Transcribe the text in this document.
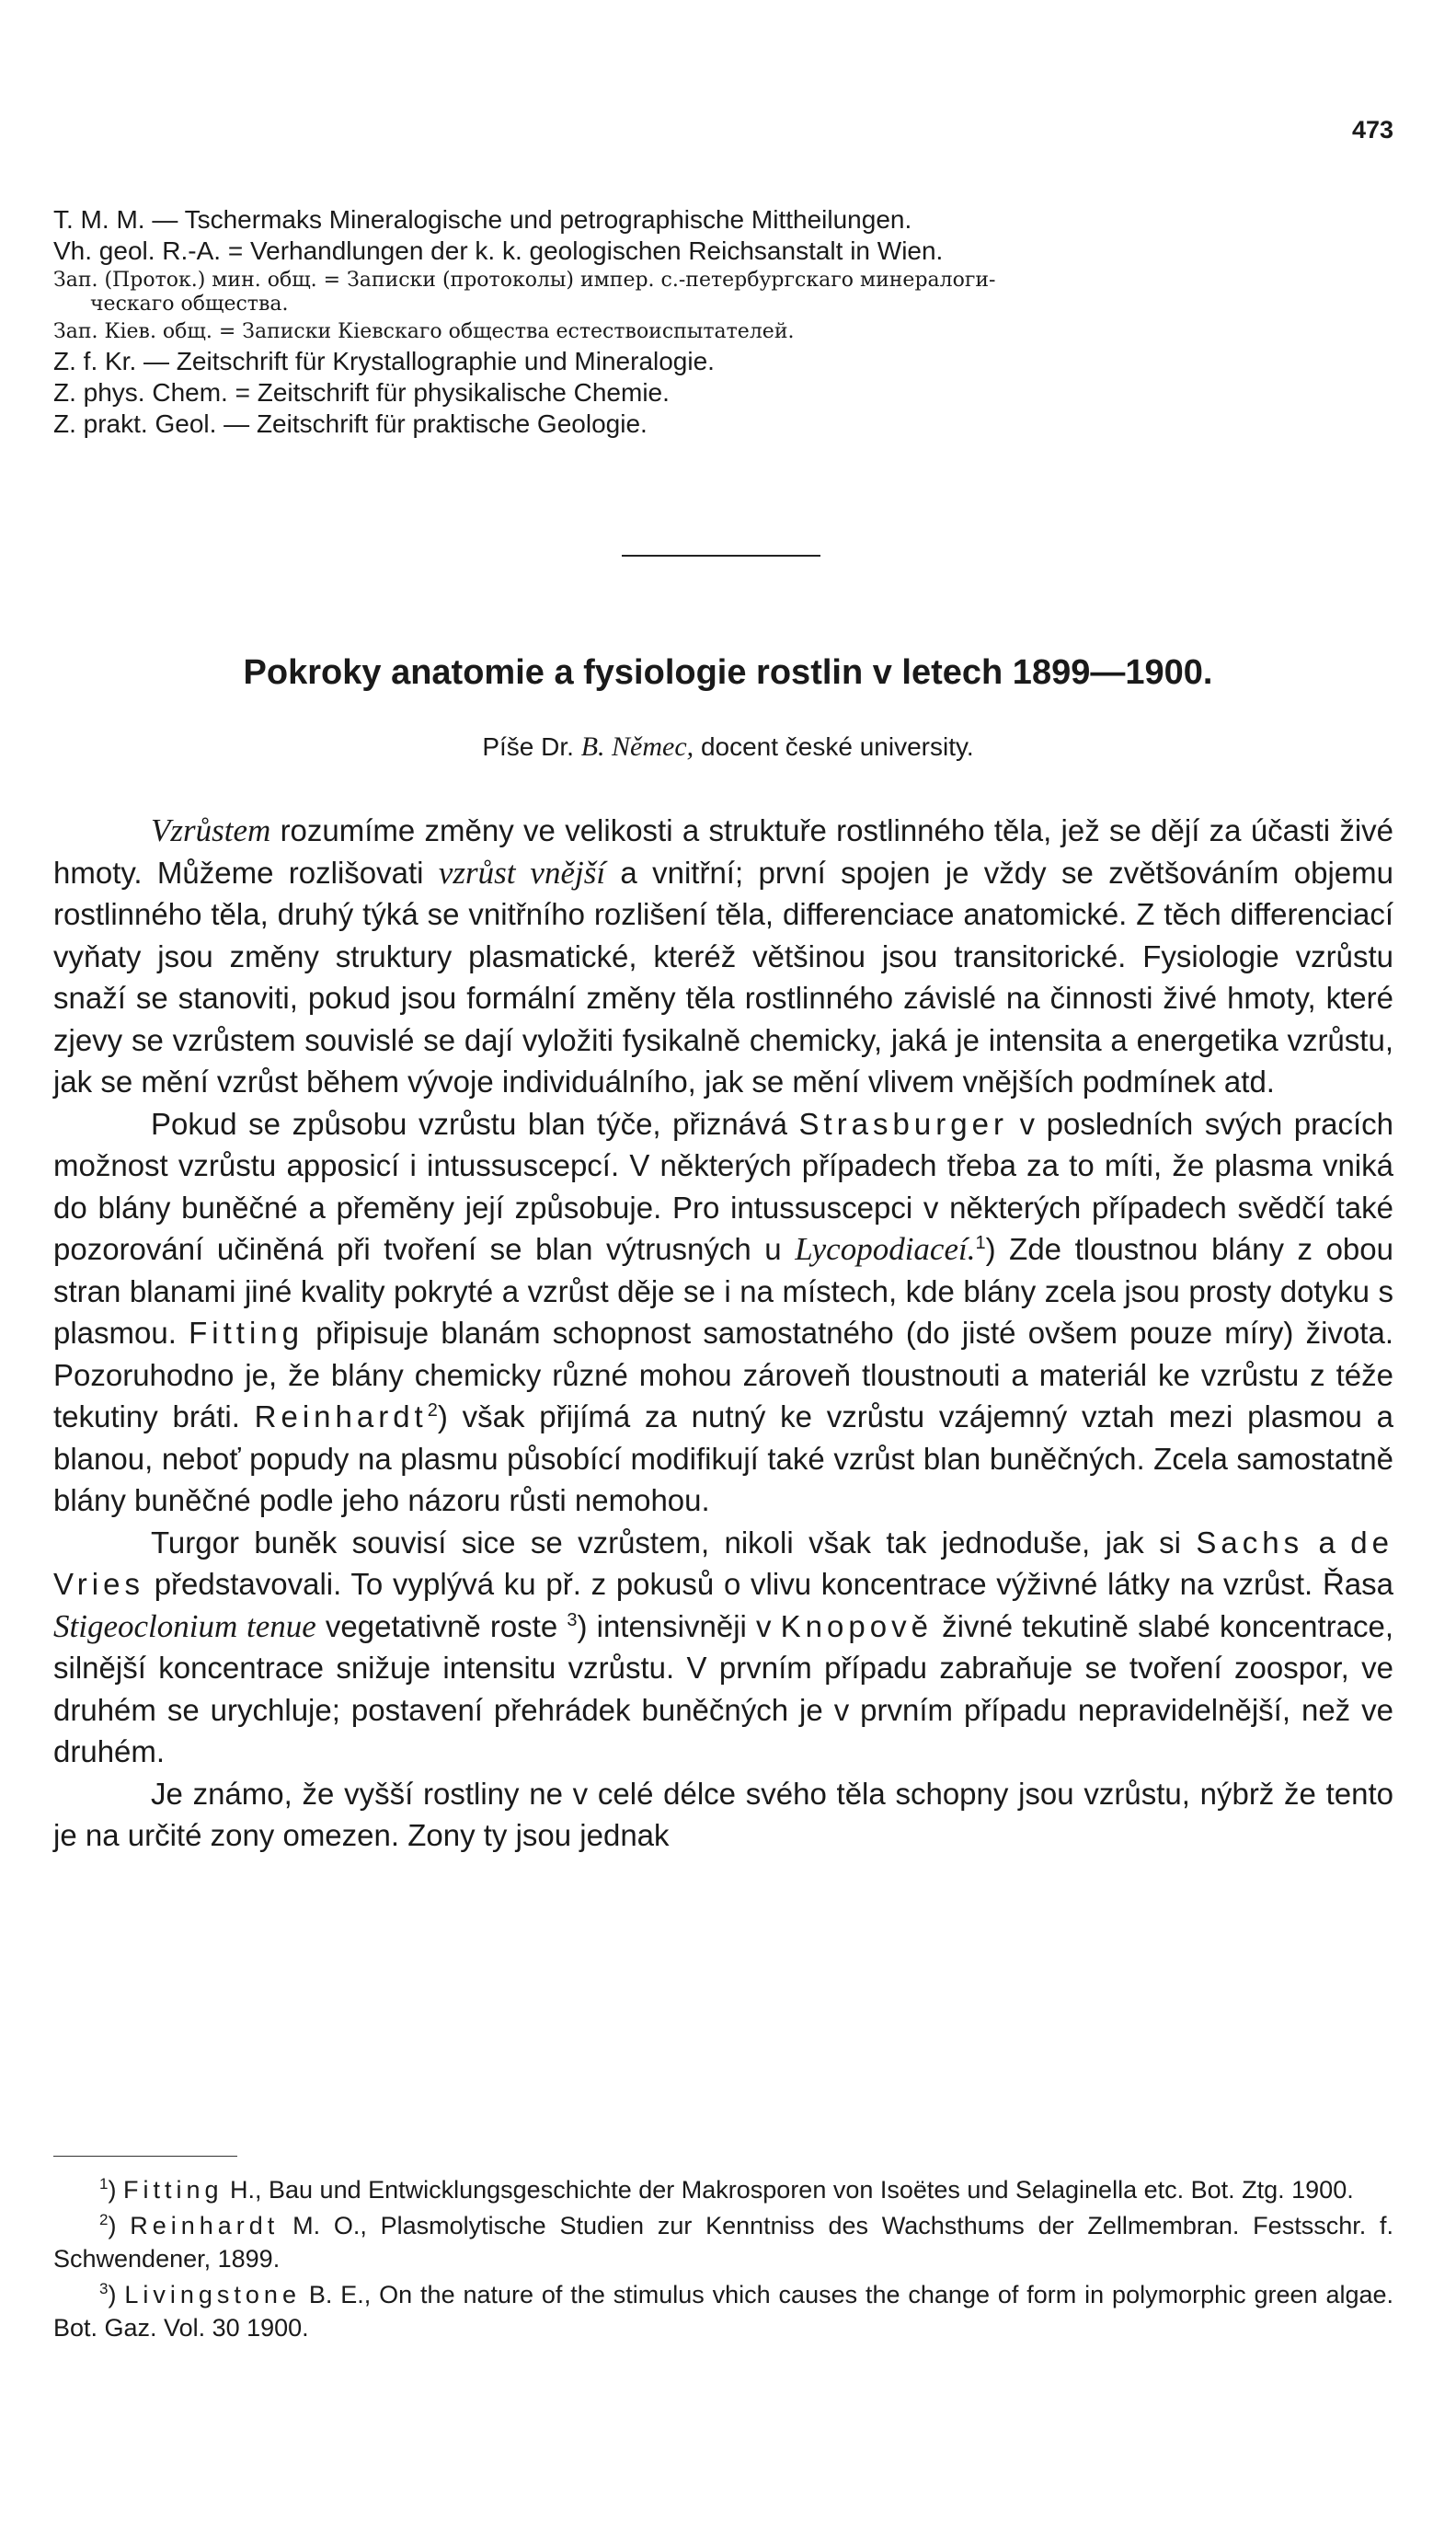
473

T. M. M. — Tschermaks Mineralogische und petrographische Mittheilungen.

Vh. geol. R.-A. = Verhandlungen der k. k. geologischen Reichsanstalt in Wien.

Зап. (Проток.) мин. общ. = Записки (протоколы) импер. с.-петербургскаго минералоги-

ческаго общества.

Зап. Кіев. общ. = Записки Кіевскаго общества естествоиспытателей.

Z. f. Kr. — Zeitschrift für Krystallographie und Mineralogie.

Z. phys. Chem. = Zeitschrift für physikalische Chemie.

Z. prakt. Geol. — Zeitschrift für praktische Geologie.

Pokroky anatomie a fysiologie rostlin v letech 1899—1900.

Píše Dr. B. Němec, docent české university.

Vzrůstem rozumíme změny ve velikosti a struktuře rostlinného těla, jež se dějí za účasti živé hmoty. Můžeme rozlišovati vzrůst vnější a vnitřní; první spojen je vždy se zvětšováním objemu rostlinného těla, druhý týká se vnitřního rozlišení těla, differenciace anatomické. Z těch differenciací vyňaty jsou změny struktury plasmatické, kteréž většinou jsou transitorické. Fysiologie vzrůstu snaží se stanoviti, pokud jsou formální změny těla rostlinného závislé na činnosti živé hmoty, které zjevy se vzrůstem souvislé se dají vyložiti fysikalně chemicky, jaká je intensita a energetika vzrůstu, jak se mění vzrůst během vývoje individuálního, jak se mění vlivem vnějších podmínek atd.

Pokud se způsobu vzrůstu blan týče, přiznává Strasburger v posledních svých pracích možnost vzrůstu apposicí i intussuscepcí. V některých případech třeba za to míti, že plasma vniká do blány buněčné a přeměny její způsobuje. Pro intussuscepci v některých případech svědčí také pozorování učiněná při tvoření se blan výtrusných u Lycopodiaceí.$^1$) Zde tloustnou blány z obou stran blanami jiné kvality pokryté a vzrůst děje se i na místech, kde blány zcela jsou prosty dotyku s plasmou. Fitting připisuje blanám schopnost samostatného (do jisté ovšem pouze míry) života. Pozoruhodno je, že blány chemicky různé mohou zároveň tloustnouti a materiál ke vzrůstu z téže tekutiny bráti. Reinhardt$^2$) však přijímá za nutný ke vzrůstu vzájemný vztah mezi plasmou a blanou, neboť popudy na plasmu působící modifikují také vzrůst blan buněčných. Zcela samostatně blány buněčné podle jeho názoru růsti nemohou.

Turgor buněk souvisí sice se vzrůstem, nikoli však tak jednoduše, jak si Sachs a de Vries představovali. To vyplývá ku př. z pokusů o vlivu koncentrace výživné látky na vzrůst. Řasa Stigeoclonium tenue vegetativně roste $^3$) intensivněji v Knopově živné tekutině slabé koncentrace, silnější koncentrace snižuje intensitu vzrůstu. V prvním případu zabraňuje se tvoření zoospor, ve druhém se urychluje; postavení přehrádek buněčných je v prvním případu nepravidelnější, než ve druhém.

Je známo, že vyšší rostliny ne v celé délce svého těla schopny jsou vzrůstu, nýbrž že tento je na určité zony omezen. Zony ty jsou jednak

$^1$) Fitting H., Bau und Entwicklungsgeschichte der Makrosporen von Isoëtes und Selaginella etc. Bot. Ztg. 1900.

$^2$) Reinhardt M. O., Plasmolytische Studien zur Kenntniss des Wachsthums der Zellmembran. Festsschr. f. Schwendener, 1899.

$^3$) Livingstone B. E., On the nature of the stimulus vhich causes the change of form in polymorphic green algae. Bot. Gaz. Vol. 30 1900.
